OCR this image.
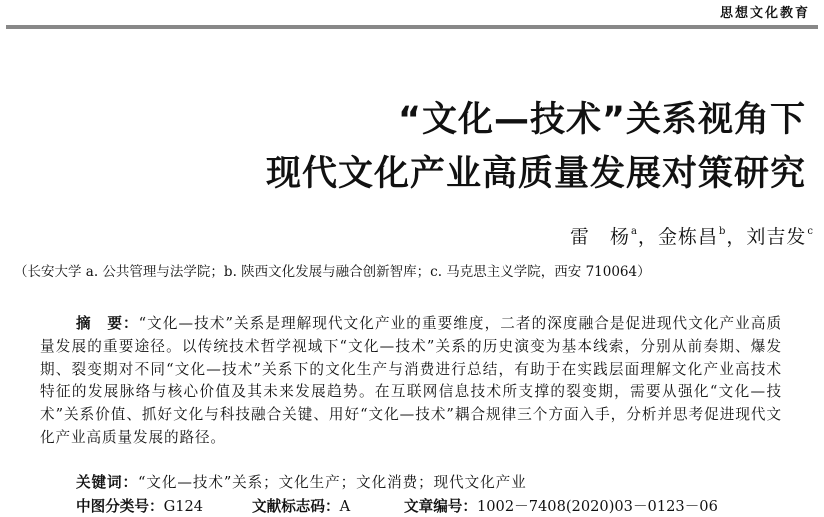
思想文化教育
“文化—技术”关系视角下
现代文化产业高质量发展对策研究
雷　杨$^a$，金栋昌$^b$，刘吉发$^c$
（长安大学 a. 公共管理与法学院；b. 陕西文化发展与融合创新智库；c. 马克思主义学院，西安 710064）
摘　要：“文化—技术”关系是理解现代文化产业的重要维度，二者的深度融合是促进现代文化产业高质量发展的重要途径。以传统技术哲学视域下“文化—技术”关系的历史演变为基本线索，分别从前奏期、爆发期、裂变期对不同“文化—技术”关系下的文化生产与消费进行总结，有助于在实践层面理解文化产业高技术特征的发展脉络与核心价值及其未来发展趋势。在互联网信息技术所支撑的裂变期，需要从强化“文化—技术”关系价值、抓好文化与科技融合关键、用好“文化—技术”耦合规律三个方面入手，分析并思考促进现代文化产业高质量发展的路径。
关键词：“文化—技术”关系；文化生产；文化消费；现代文化产业
中图分类号：G124	文献标志码：A	文章编号：1002－7408(2020)03－0123－06
